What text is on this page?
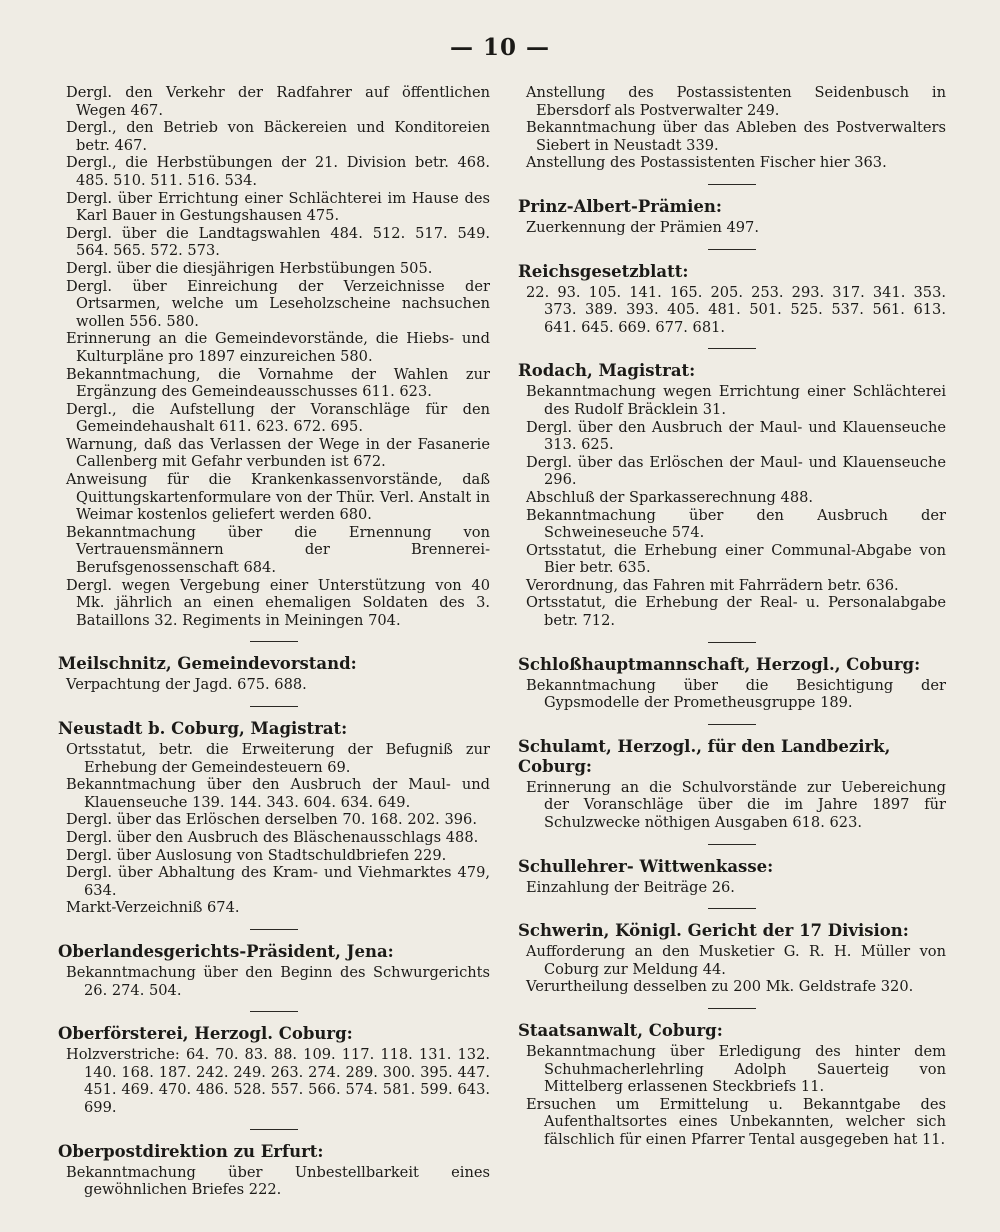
— 10 —

Dergl. den Verkehr der Radfahrer auf öffentlichen Wegen 467.

Dergl., den Betrieb von Bäckereien und Konditoreien betr. 467.

Dergl., die Herbstübungen der 21. Division betr. 468. 485. 510. 511. 516. 534.

Dergl. über Errichtung einer Schlächterei im Hause des Karl Bauer in Gestungshausen 475.

Dergl. über die Landtagswahlen 484. 512. 517. 549. 564. 565. 572. 573.

Dergl. über die diesjährigen Herbstübungen 505.

Dergl. über Einreichung der Verzeichnisse der Ortsarmen, welche um Leseholzscheine nachsuchen wollen 556. 580.

Erinnerung an die Gemeindevorstände, die Hiebs- und Kulturpläne pro 1897 einzureichen 580.

Bekanntmachung, die Vornahme der Wahlen zur Ergänzung des Gemeindeausschusses 611. 623.

Dergl., die Aufstellung der Voranschläge für den Gemeindehaushalt 611. 623. 672. 695.

Warnung, daß das Verlassen der Wege in der Fasanerie Callenberg mit Gefahr verbunden ist 672.

Anweisung für die Krankenkassenvorstände, daß Quittungskartenformulare von der Thür. Verl. Anstalt in Weimar kostenlos geliefert werden 680.

Bekanntmachung über die Ernennung von Vertrauensmännern der Brennerei-Berufsgenossenschaft 684.

Dergl. wegen Vergebung einer Unterstützung von 40 Mk. jährlich an einen ehemaligen Soldaten des 3. Bataillons 32. Regiments in Meiningen 704.

Meilschnitz, Gemeindevorstand:

Verpachtung der Jagd. 675. 688.

Neustadt b. Coburg, Magistrat:

Ortsstatut, betr. die Erweiterung der Befugniß zur Erhebung der Gemeindesteuern 69.

Bekanntmachung über den Ausbruch der Maul- und Klauenseuche 139. 144. 343. 604. 634. 649.

Dergl. über das Erlöschen derselben 70. 168. 202. 396.

Dergl. über den Ausbruch des Bläschenausschlags 488.

Dergl. über Auslosung von Stadtschuldbriefen 229.

Dergl. über Abhaltung des Kram- und Viehmarktes 479, 634.

Markt-Verzeichniß 674.

Oberlandesgerichts-Präsident, Jena:

Bekanntmachung über den Beginn des Schwurgerichts 26. 274. 504.

Oberförsterei, Herzogl. Coburg:

Holzverstriche: 64. 70. 83. 88. 109. 117. 118. 131. 132. 140. 168. 187. 242. 249. 263. 274. 289. 300. 395. 447. 451. 469. 470. 486. 528. 557. 566. 574. 581. 599. 643. 699.

Oberpostdirektion zu Erfurt:

Bekanntmachung über Unbestellbarkeit eines gewöhnlichen Briefes 222.

Anstellung des Postassistenten Seidenbusch in Ebersdorf als Postverwalter 249.

Bekanntmachung über das Ableben des Postverwalters Siebert in Neustadt 339.

Anstellung des Postassistenten Fischer hier 363.

Prinz-Albert-Prämien:

Zuerkennung der Prämien 497.

Reichsgesetzblatt:

22. 93. 105. 141. 165. 205. 253. 293. 317. 341. 353. 373. 389. 393. 405. 481. 501. 525. 537. 561. 613. 641. 645. 669. 677. 681.

Rodach, Magistrat:

Bekanntmachung wegen Errichtung einer Schlächterei des Rudolf Bräcklein 31.

Dergl. über den Ausbruch der Maul- und Klauenseuche 313. 625.

Dergl. über das Erlöschen der Maul- und Klauenseuche 296.

Abschluß der Sparkasserechnung 488.

Bekanntmachung über den Ausbruch der Schweineseuche 574.

Ortsstatut, die Erhebung einer Communal-Abgabe von Bier betr. 635.

Verordnung, das Fahren mit Fahrrädern betr. 636.

Ortsstatut, die Erhebung der Real- u. Personalabgabe betr. 712.

Schloßhauptmannschaft, Herzogl., Coburg:

Bekanntmachung über die Besichtigung der Gypsmodelle der Prometheusgruppe 189.

Schulamt, Herzogl., für den Landbezirk, Coburg:

Erinnerung an die Schulvorstände zur Uebereichung der Voranschläge über die im Jahre 1897 für Schulzwecke nöthigen Ausgaben 618. 623.

Schullehrer- Wittwenkasse:

Einzahlung der Beiträge 26.

Schwerin, Königl. Gericht der 17 Division:

Aufforderung an den Musketier G. R. H. Müller von Coburg zur Meldung 44.

Verurtheilung desselben zu 200 Mk. Geldstrafe 320.

Staatsanwalt, Coburg:

Bekanntmachung über Erledigung des hinter dem Schuhmacherlehrling Adolph Sauerteig von Mittelberg erlassenen Steckbriefs 11.

Ersuchen um Ermittelung u. Bekanntgabe des Aufenthaltsortes eines Unbekannten, welcher sich fälschlich für einen Pfarrer Tental ausgegeben hat 11.
